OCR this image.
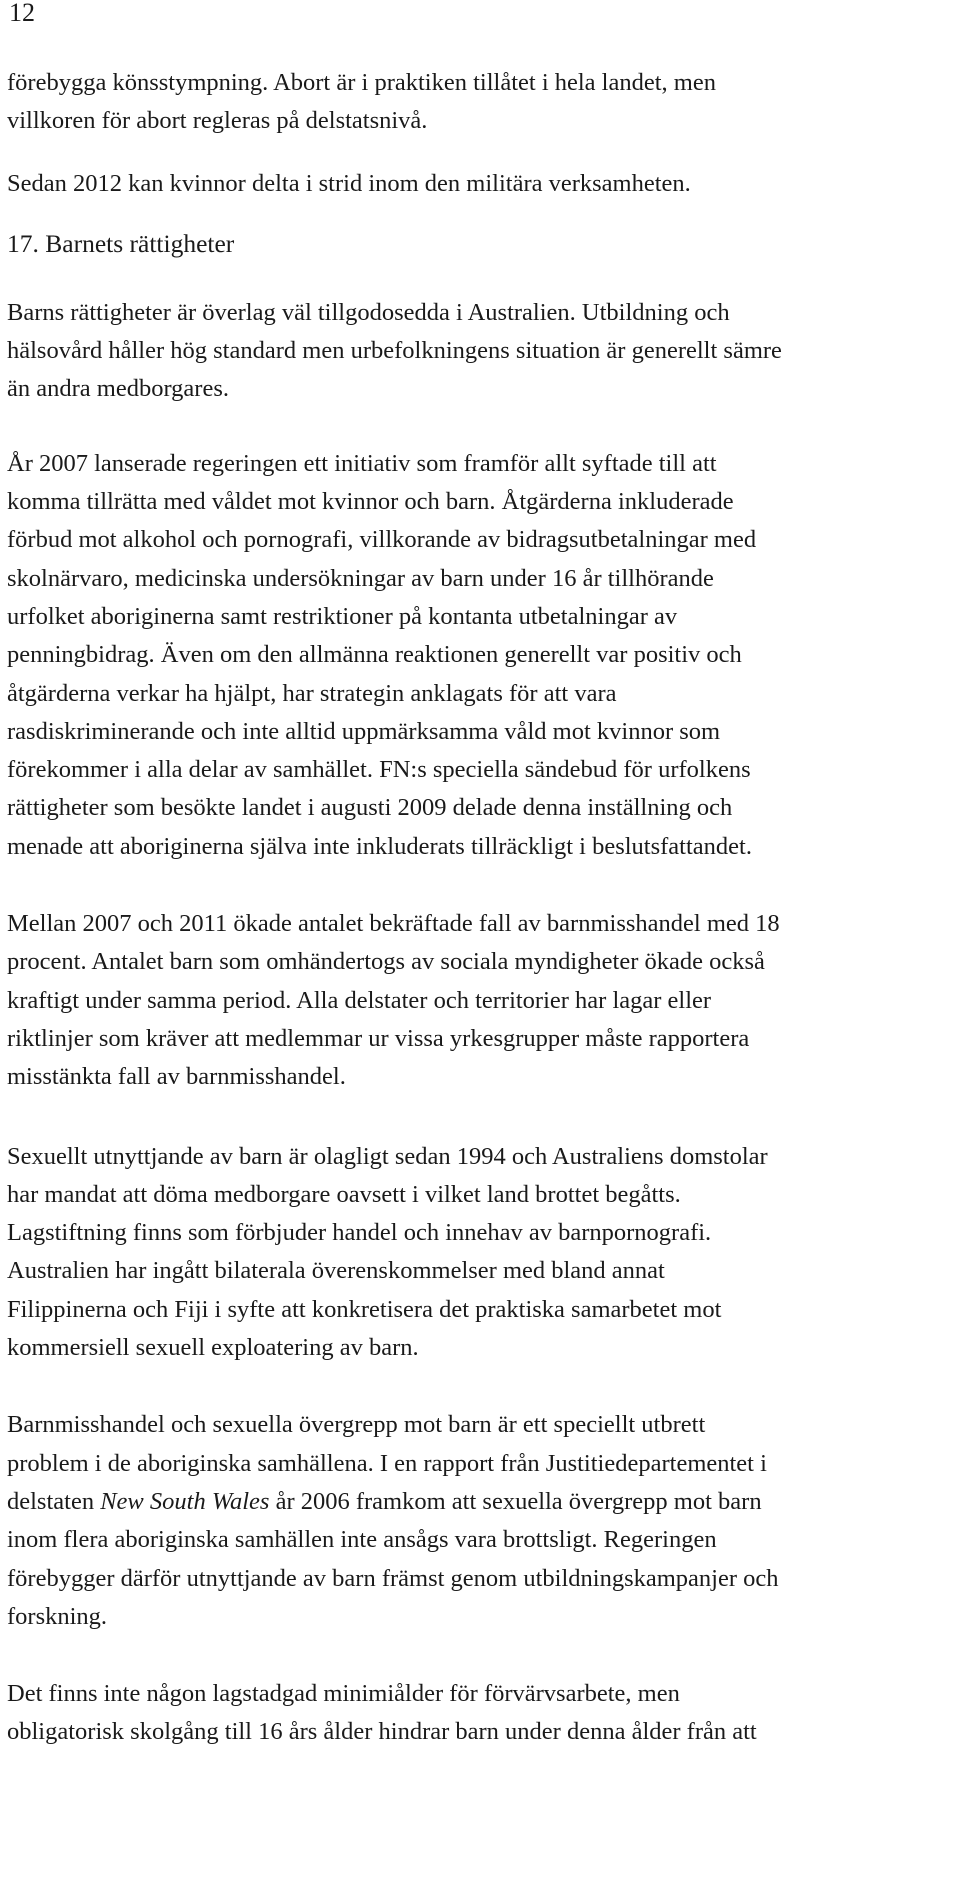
12

förebygga könsstympning. Abort är i praktiken tillåtet i hela landet, men
villkoren för abort regleras på delstatsnivå.

Sedan 2012 kan kvinnor delta i strid inom den militära verksamheten.

17. Barnets rättigheter

Barns rättigheter är överlag väl tillgodosedda i Australien. Utbildning och
hälsovård håller hög standard men urbefolkningens situation är generellt sämre
än andra medborgares.

År 2007 lanserade regeringen ett initiativ som framför allt syftade till att
komma tillrätta med våldet mot kvinnor och barn. Åtgärderna inkluderade
förbud mot alkohol och pornografi, villkorande av bidragsutbetalningar med
skolnärvaro, medicinska undersökningar av barn under 16 år tillhörande
urfolket aboriginerna samt restriktioner på kontanta utbetalningar av
penningbidrag. Även om den allmänna reaktionen generellt var positiv och
åtgärderna verkar ha hjälpt, har strategin anklagats för att vara
rasdiskriminerande och inte alltid uppmärksamma våld mot kvinnor som
förekommer i alla delar av samhället. FN:s speciella sändebud för urfolkens
rättigheter som besökte landet i augusti 2009 delade denna inställning och
menade att aboriginerna själva inte inkluderats tillräckligt i beslutsfattandet.

Mellan 2007 och 2011 ökade antalet bekräftade fall av barnmisshandel med 18
procent. Antalet barn som omhändertogs av sociala myndigheter ökade också
kraftigt under samma period. Alla delstater och territorier har lagar eller
riktlinjer som kräver att medlemmar ur vissa yrkesgrupper måste rapportera
misstänkta fall av barnmisshandel.

Sexuellt utnyttjande av barn är olagligt sedan 1994 och Australiens domstolar
har mandat att döma medborgare oavsett i vilket land brottet begåtts.
Lagstiftning finns som förbjuder handel och innehav av barnpornografi.
Australien har ingått bilaterala överenskommelser med bland annat
Filippinerna och Fiji i syfte att konkretisera det praktiska samarbetet mot
kommersiell sexuell exploatering av barn.

Barnmisshandel och sexuella övergrepp mot barn är ett speciellt utbrett
problem i de aboriginska samhällena. I en rapport från Justitiedepartementet i
delstaten New South Wales år 2006 framkom att sexuella övergrepp mot barn
inom flera aboriginska samhällen inte ansågs vara brottsligt. Regeringen
förebygger därför utnyttjande av barn främst genom utbildningskampanjer och
forskning.

Det finns inte någon lagstadgad minimiålder för förvärvsarbete, men
obligatorisk skolgång till 16 års ålder hindrar barn under denna ålder från att
